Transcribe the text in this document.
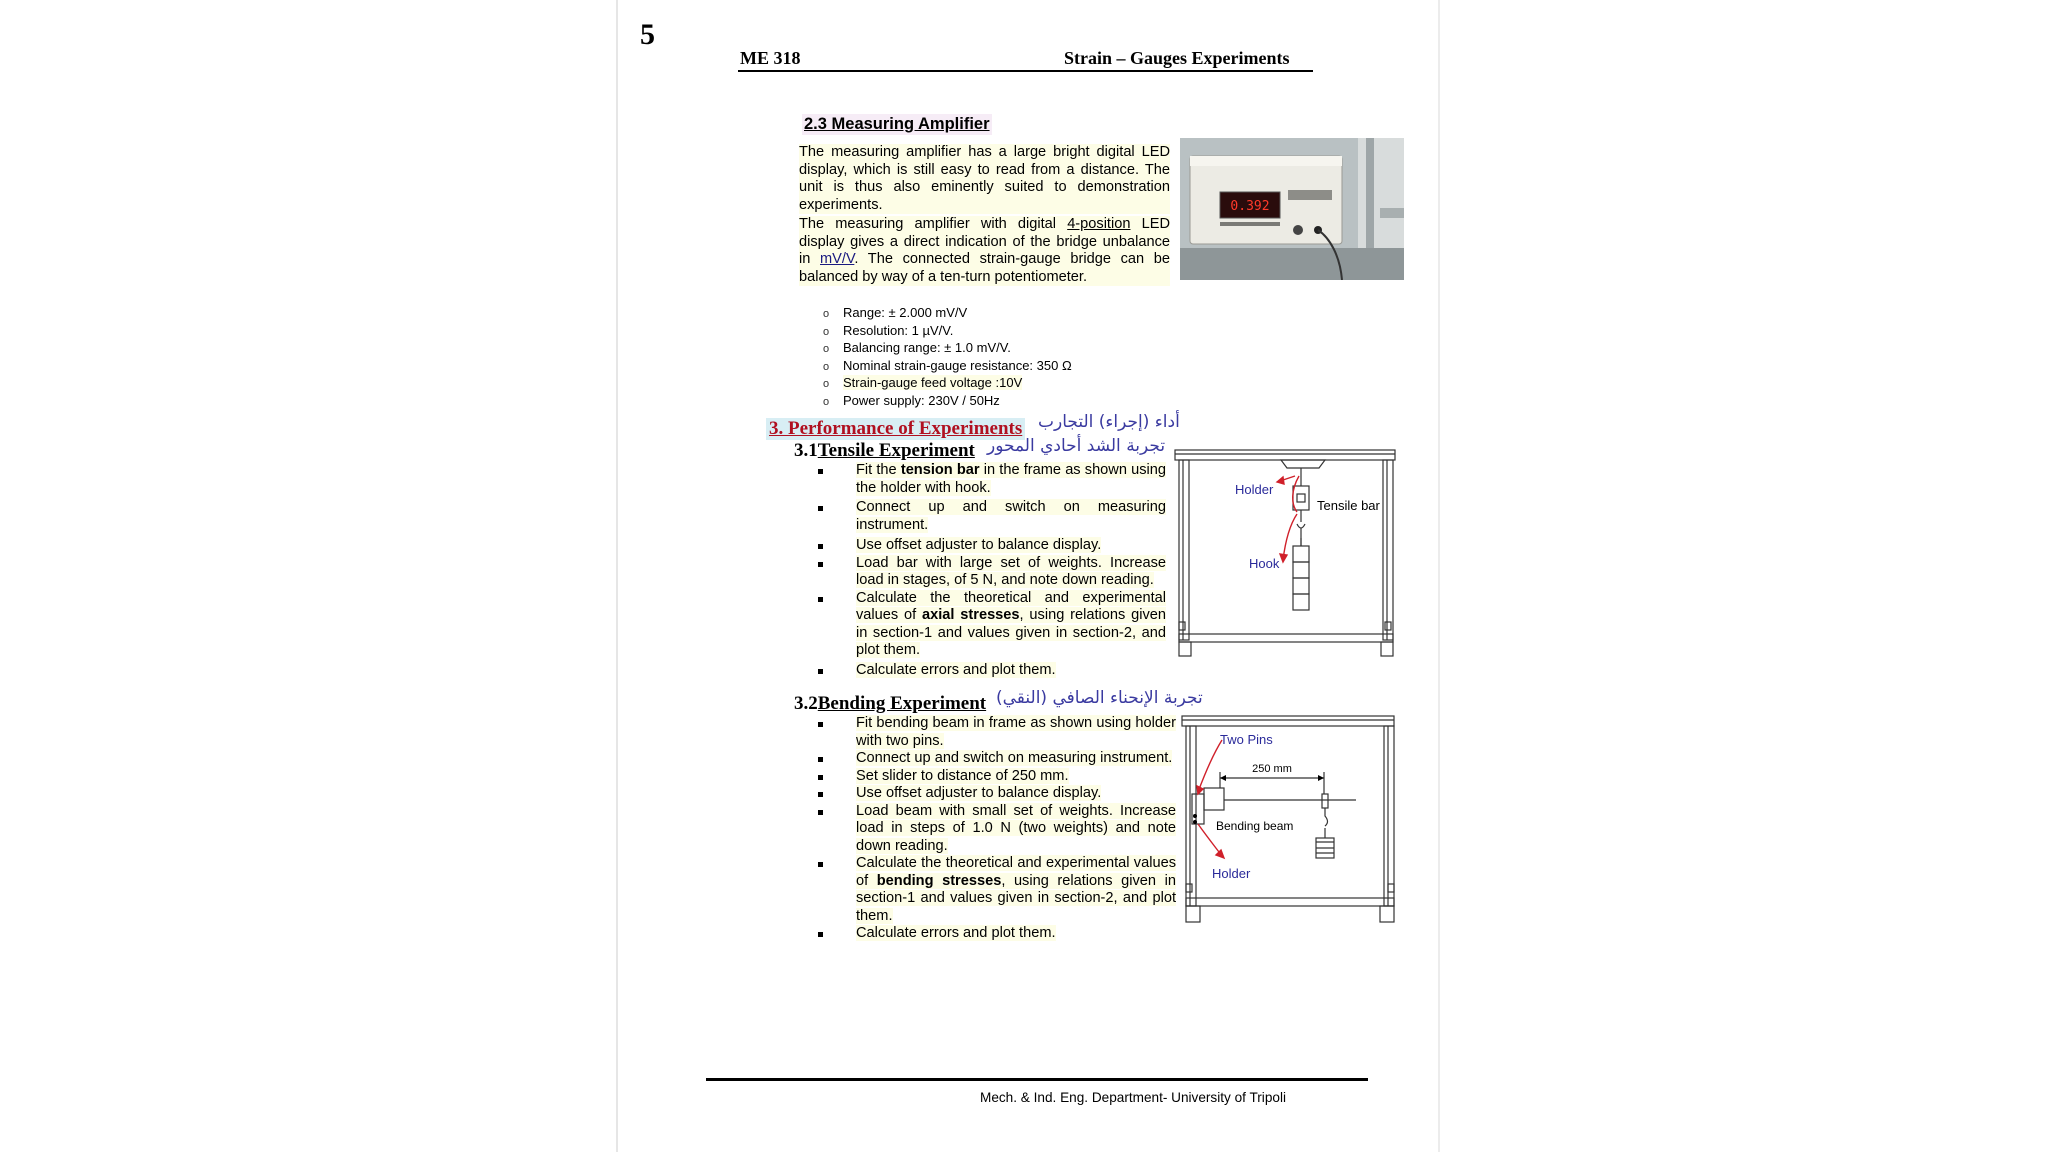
5
ME 318	Strain – Gauges Experiments
2.3 Measuring Amplifier
The measuring amplifier has a large bright digital LED display, which is still easy to read from a distance. The unit is thus also eminently suited to demonstration experiments.
The measuring amplifier with digital 4-position LED display gives a direct indication of the bridge unbalance in mV/V. The connected strain-gauge bridge can be balanced by way of a ten-turn potentiometer.
0.392
o Range: ± 2.000 mV/V
o Resolution: 1 µV/V.
o Balancing range: ± 1.0 mV/V.
o Nominal strain-gauge resistance: 350 Ω
o Strain-gauge feed voltage :10V
o Power supply: 230V / 50Hz
3. Performance of Experiments أداء (إجراء) التجارب
3.1Tensile Experiment تجربة الشد أحادي المحور
Fit the tension bar in the frame as shown using the holder with hook.
Connect up and switch on measuring instrument.
Use offset adjuster to balance display.
Load bar with large set of weights. Increase load in stages, of 5 N, and note down reading.
Calculate the theoretical and experimental values of axial stresses, using relations given in section-1 and values given in section-2, and plot them.
Calculate errors and plot them.
Holder
Tensile bar
Hook
3.2Bending Experiment تجربة الإنحناء الصافي (النقي)
Fit bending beam in frame as shown using holder with two pins.
Connect up and switch on measuring instrument.
Set slider to distance of 250 mm.
Use offset adjuster to balance display.
Load beam with small set of weights. Increase load in steps of 1.0 N (two weights) and note down reading.
Calculate the theoretical and experimental values of bending stresses, using relations given in section-1 and values given in section-2, and plot them.
Calculate errors and plot them.
Two Pins
250 mm
Bending beam
Holder
Mech. & Ind. Eng. Department- University of Tripoli
